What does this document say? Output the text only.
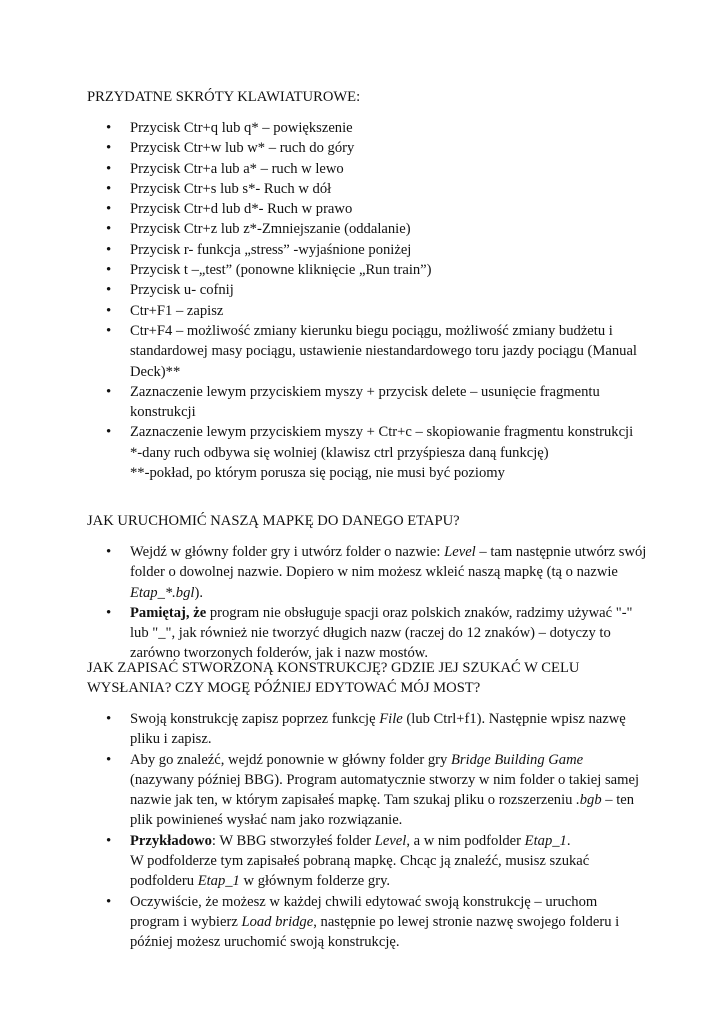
PRZYDATNE SKRÓTY KLAWIATUROWE:
• Przycisk Ctr+q lub q* – powiększenie
• Przycisk Ctr+w lub w* – ruch do góry
• Przycisk Ctr+a lub a* – ruch w lewo
• Przycisk Ctr+s lub s*- Ruch w dół
• Przycisk Ctr+d lub d*- Ruch w prawo
• Przycisk Ctr+z lub z*-Zmniejszanie (oddalanie)
• Przycisk r- funkcja „stress” -wyjaśnione poniżej
• Przycisk t –„test” (ponowne kliknięcie „Run train”)
• Przycisk u- cofnij
• Ctr+F1 – zapisz
• Ctr+F4 – możliwość zmiany kierunku biegu pociągu, możliwość zmiany budżetu i standardowej masy pociągu, ustawienie niestandardowego toru jazdy pociągu (Manual Deck)**
• Zaznaczenie lewym przyciskiem myszy + przycisk delete – usunięcie fragmentu konstrukcji
• Zaznaczenie lewym przyciskiem myszy + Ctr+c – skopiowanie fragmentu konstrukcji
*-dany ruch odbywa się wolniej (klawisz ctrl przyśpiesza daną funkcję)
**-pokład, po którym porusza się pociąg, nie musi być poziomy
JAK URUCHOMIĆ NASZĄ MAPKĘ DO DANEGO ETAPU?
• Wejdź w główny folder gry i utwórz folder o nazwie: Level – tam następnie utwórz swój folder o dowolnej nazwie. Dopiero w nim możesz wkleić naszą mapkę (tą o nazwie Etap_*.bgl).
• Pamiętaj, że program nie obsługuje spacji oraz polskich znaków, radzimy używać "-" lub "_", jak również nie tworzyć długich nazw (raczej do 12 znaków) – dotyczy to zarówno tworzonych folderów, jak i nazw mostów.
JAK ZAPISAĆ STWORZONĄ KONSTRUKCJĘ? GDZIE JEJ SZUKAĆ W CELU WYSŁANIA? CZY MOGĘ PÓŹNIEJ EDYTOWAĆ MÓJ MOST?
• Swoją konstrukcję zapisz poprzez funkcję File (lub Ctrl+f1). Następnie wpisz nazwę pliku i zapisz.
• Aby go znaleźć, wejdź ponownie w główny folder gry Bridge Building Game (nazywany później BBG). Program automatycznie stworzy w nim folder o takiej samej nazwie jak ten, w którym zapisałeś mapkę. Tam szukaj pliku o rozszerzeniu .bgb – ten plik powinieneś wysłać nam jako rozwiązanie.
• Przykładowo: W BBG stworzyłeś folder Level, a w nim podfolder Etap_1.
W podfolderze tym zapisałeś pobraną mapkę. Chcąc ją znaleźć, musisz szukać podfolderu Etap_1 w głównym folderze gry.
• Oczywiście, że możesz w każdej chwili edytować swoją konstrukcję – uruchom program i wybierz Load bridge, następnie po lewej stronie nazwę swojego folderu i później możesz uruchomić swoją konstrukcję.
